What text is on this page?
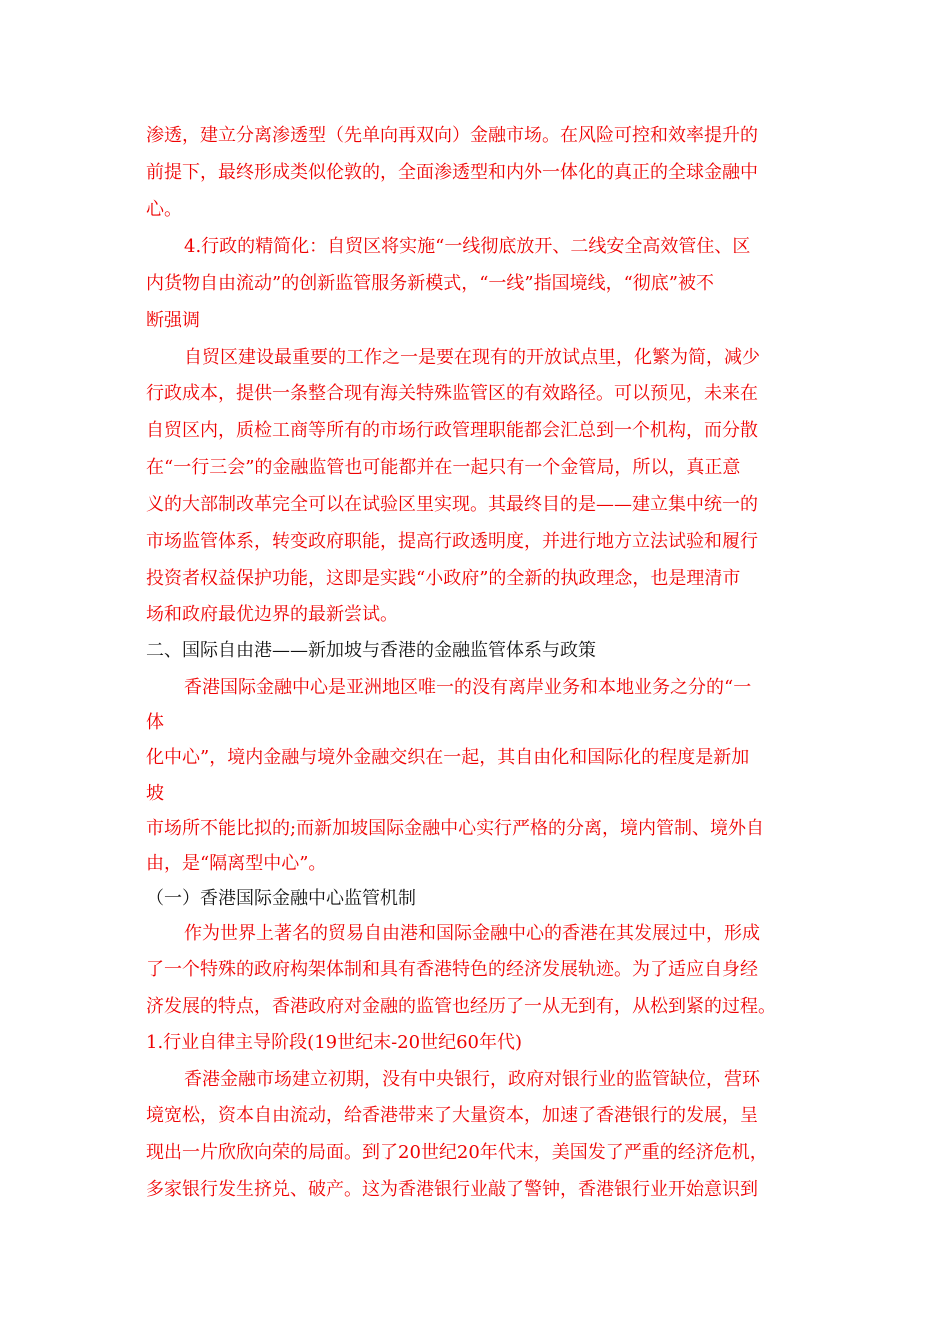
渗透，建立分离渗透型（先单向再双向）金融市场。在风险可控和效率提升的
前提下，最终形成类似伦敦的，全面渗透型和内外一体化的真正的全球金融中
心。
4.行政的精简化：自贸区将实施“一线彻底放开、二线安全高效管住、区
内货物自由流动”的创新监管服务新模式，“一线”指国境线，“彻底”被不
断强调
自贸区建设最重要的工作之一是要在现有的开放试点里，化繁为简，减少
行政成本，提供一条整合现有海关特殊监管区的有效路径。可以预见，未来在
自贸区内，质检工商等所有的市场行政管理职能都会汇总到一个机构，而分散
在“一行三会”的金融监管也可能都并在一起只有一个金管局，所以，真正意
义的大部制改革完全可以在试验区里实现。其最终目的是——建立集中统一的
市场监管体系，转变政府职能，提高行政透明度，并进行地方立法试验和履行
投资者权益保护功能，这即是实践“小政府”的全新的执政理念，也是理清市
场和政府最优边界的最新尝试。
二、国际自由港——新加坡与香港的金融监管体系与政策
香港国际金融中心是亚洲地区唯一的没有离岸业务和本地业务之分的“一
体
化中心”，境内金融与境外金融交织在一起，其自由化和国际化的程度是新加
坡
市场所不能比拟的;而新加坡国际金融中心实行严格的分离，境内管制、境外自
由，是“隔离型中心”。
（一）香港国际金融中心监管机制
作为世界上著名的贸易自由港和国际金融中心的香港在其发展过中，形成
了一个特殊的政府构架体制和具有香港特色的经济发展轨迹。为了适应自身经
济发展的特点，香港政府对金融的监管也经历了一从无到有，从松到紧的过程。
1.行业自律主导阶段(19世纪末-20世纪60年代)
香港金融市场建立初期，没有中央银行，政府对银行业的监管缺位，营环
境宽松，资本自由流动，给香港带来了大量资本，加速了香港银行的发展，呈
现出一片欣欣向荣的局面。到了20世纪20年代末，美国发了严重的经济危机，
多家银行发生挤兑、破产。这为香港银行业敲了警钟，香港银行业开始意识到
